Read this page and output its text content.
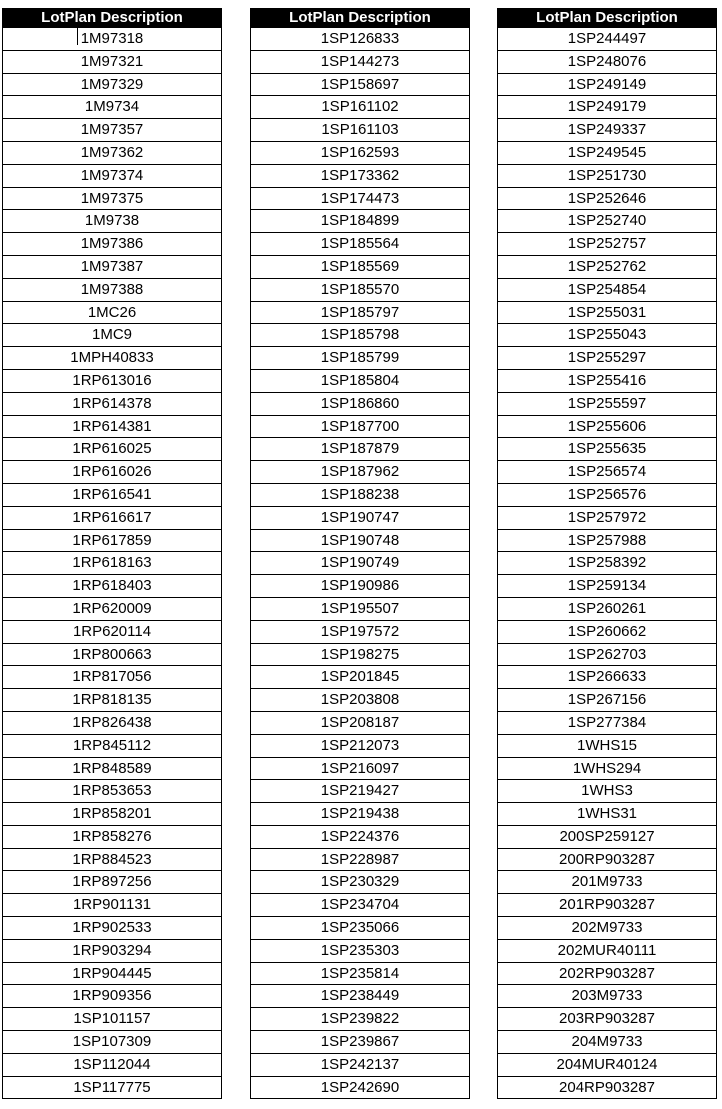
LotPlan Description
1M97318
1M97321
1M97329
1M9734
1M97357
1M97362
1M97374
1M97375
1M9738
1M97386
1M97387
1M97388
1MC26
1MC9
1MPH40833
1RP613016
1RP614378
1RP614381
1RP616025
1RP616026
1RP616541
1RP616617
1RP617859
1RP618163
1RP618403
1RP620009
1RP620114
1RP800663
1RP817056
1RP818135
1RP826438
1RP845112
1RP848589
1RP853653
1RP858201
1RP858276
1RP884523
1RP897256
1RP901131
1RP902533
1RP903294
1RP904445
1RP909356
1SP101157
1SP107309
1SP112044
1SP117775
LotPlan Description
1SP126833
1SP144273
1SP158697
1SP161102
1SP161103
1SP162593
1SP173362
1SP174473
1SP184899
1SP185564
1SP185569
1SP185570
1SP185797
1SP185798
1SP185799
1SP185804
1SP186860
1SP187700
1SP187879
1SP187962
1SP188238
1SP190747
1SP190748
1SP190749
1SP190986
1SP195507
1SP197572
1SP198275
1SP201845
1SP203808
1SP208187
1SP212073
1SP216097
1SP219427
1SP219438
1SP224376
1SP228987
1SP230329
1SP234704
1SP235066
1SP235303
1SP235814
1SP238449
1SP239822
1SP239867
1SP242137
1SP242690
LotPlan Description
1SP244497
1SP248076
1SP249149
1SP249179
1SP249337
1SP249545
1SP251730
1SP252646
1SP252740
1SP252757
1SP252762
1SP254854
1SP255031
1SP255043
1SP255297
1SP255416
1SP255597
1SP255606
1SP255635
1SP256574
1SP256576
1SP257972
1SP257988
1SP258392
1SP259134
1SP260261
1SP260662
1SP262703
1SP266633
1SP267156
1SP277384
1WHS15
1WHS294
1WHS3
1WHS31
200SP259127
200RP903287
201M9733
201RP903287
202M9733
202MUR40111
202RP903287
203M9733
203RP903287
204M9733
204MUR40124
204RP903287
